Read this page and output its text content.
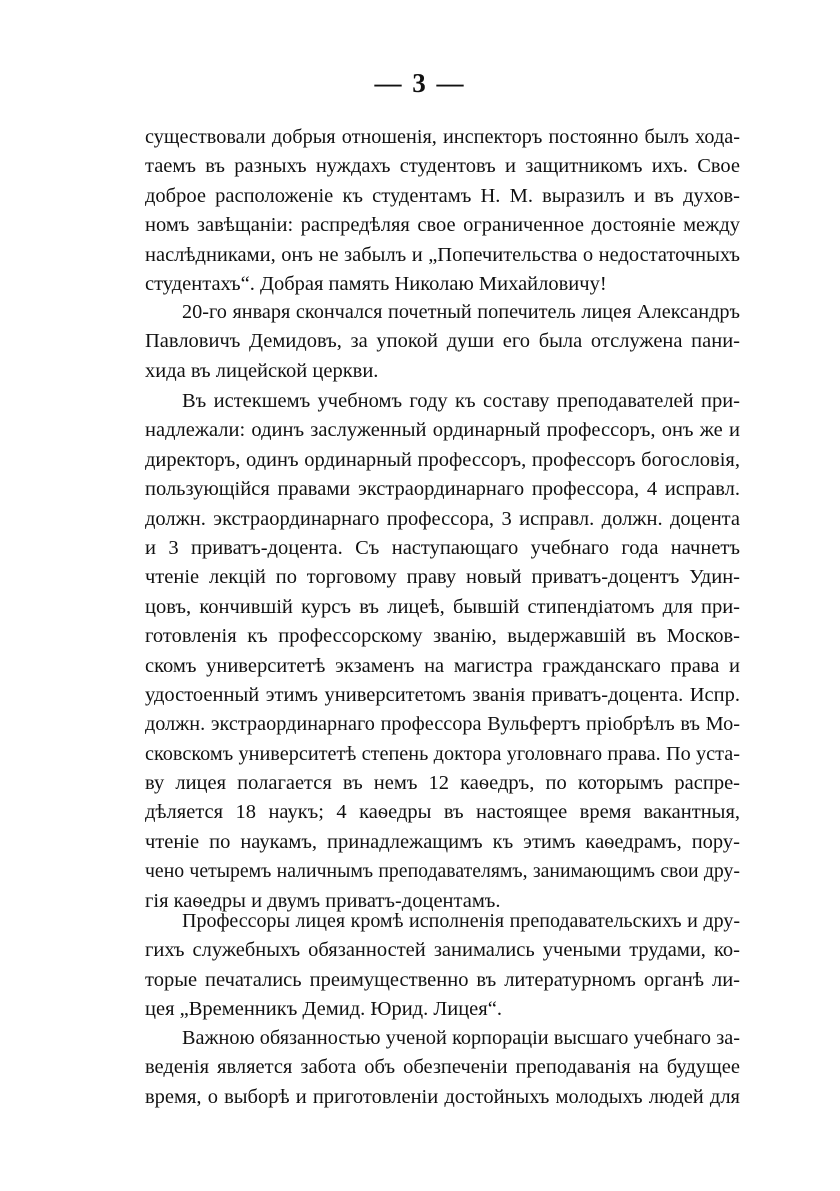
— 3 —
существовали добрыя отношенія, инспекторъ постоянно былъ хода-
таемъ въ разныхъ нуждахъ студентовъ и защитникомъ ихъ. Свое
доброе расположеніе къ студентамъ Н. М. выразилъ и въ духов-
номъ завѣщаніи: распредѣляя свое ограниченное достояніе между
наслѣдниками, онъ не забылъ и „Попечительства о недостаточныхъ
студентахъ“. Добрая память Николаю Михайловичу!
20-го января скончался почетный попечитель лицея Александръ
Павловичъ Демидовъ, за упокой души его была отслужена пани-
хида въ лицейской церкви.
Въ истекшемъ учебномъ году къ составу преподавателей при-
надлежали: одинъ заслуженный ординарный профессоръ, онъ же и
директоръ, одинъ ординарный профессоръ, профессоръ богословія,
пользующійся правами экстраординарнаго профессора, 4 исправл.
должн. экстраординарнаго профессора, 3 исправл. должн. доцента
и 3 приватъ-доцента. Съ наступающаго учебнаго года начнетъ
чтеніе лекцій по торговому праву новый приватъ-доцентъ Удин-
цовъ, кончившій курсъ въ лицеѣ, бывшій стипендіатомъ для при-
готовленія къ профессорскому званію, выдержавшій въ Москов-
скомъ университетѣ экзаменъ на магистра гражданскаго права и
удостоенный этимъ университетомъ званія приватъ-доцента. Испр.
должн. экстраординарнаго профессора Вульфертъ пріобрѣлъ въ Мо-
сковскомъ университетѣ степень доктора уголовнаго права. По уста-
ву лицея полагается въ немъ 12 каѳедръ, по которымъ распре-
дѣляется 18 наукъ; 4 каѳедры въ настоящее время вакантныя,
чтеніе по наукамъ, принадлежащимъ къ этимъ каѳедрамъ, пору-
чено четыремъ наличнымъ преподавателямъ, занимающимъ свои дру-
гія каѳедры и двумъ приватъ-доцентамъ.
Профессоры лицея кромѣ исполненія преподавательскихъ и дру-
гихъ служебныхъ обязанностей занимались учеными трудами, ко-
торые печатались преимущественно въ литературномъ органѣ ли-
цея „Временникъ Демид. Юрид. Лицея“.
Важною обязанностью ученой корпораціи высшаго учебнаго за-
веденія является забота объ обезпеченіи преподаванія на будущее
время, о выборѣ и приготовленіи достойныхъ молодыхъ людей для
